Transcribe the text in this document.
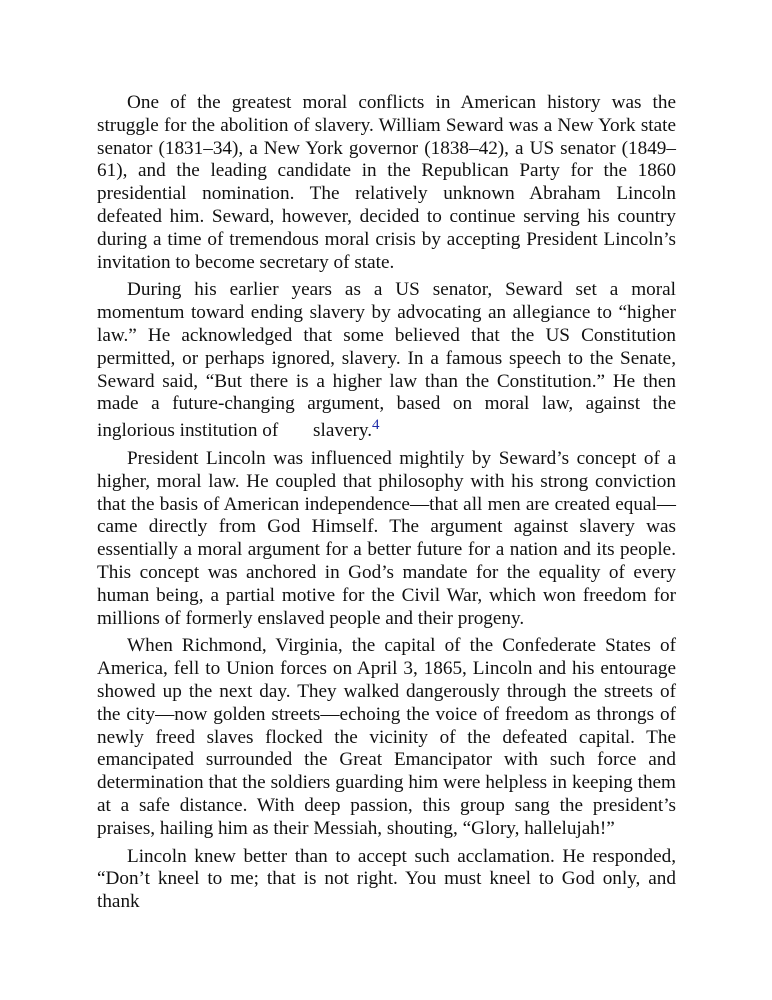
One of the greatest moral conflicts in American history was the struggle for the abolition of slavery. William Seward was a New York state senator (1831–34), a New York governor (1838–42), a US senator (1849–61), and the leading candidate in the Republican Party for the 1860 presidential nomination. The relatively unknown Abraham Lincoln defeated him. Seward, however, decided to continue serving his country during a time of tremendous moral crisis by accepting President Lincoln’s invitation to become secretary of state.

During his earlier years as a US senator, Seward set a moral momentum toward ending slavery by advocating an allegiance to “higher law.” He acknowledged that some believed that the US Constitution permitted, or perhaps ignored, slavery. In a famous speech to the Senate, Seward said, “But there is a higher law than the Constitution.” He then made a future-changing argument, based on moral law, against the inglorious institution of slavery.$^4$

President Lincoln was influenced mightily by Seward’s concept of a higher, moral law. He coupled that philosophy with his strong conviction that the basis of American independence—that all men are created equal—came directly from God Himself. The argument against slavery was essentially a moral argument for a better future for a nation and its people. This concept was anchored in God’s mandate for the equality of every human being, a partial motive for the Civil War, which won freedom for millions of formerly enslaved people and their progeny.

When Richmond, Virginia, the capital of the Confederate States of America, fell to Union forces on April 3, 1865, Lincoln and his entourage showed up the next day. They walked dangerously through the streets of the city—now golden streets—echoing the voice of freedom as throngs of newly freed slaves flocked the vicinity of the defeated capital. The emancipated surrounded the Great Emancipator with such force and determination that the soldiers guarding him were helpless in keeping them at a safe distance. With deep passion, this group sang the president’s praises, hailing him as their Messiah, shouting, “Glory, hallelujah!”

Lincoln knew better than to accept such acclamation. He responded, “Don’t kneel to me; that is not right. You must kneel to God only, and thank
